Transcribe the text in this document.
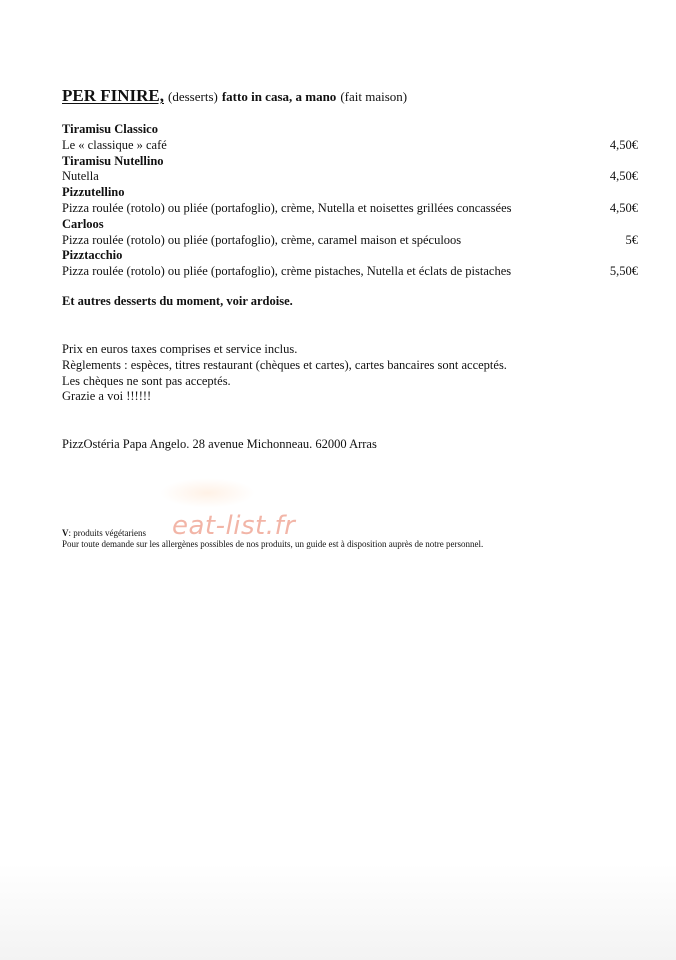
PER FINIRE, (desserts) fatto in casa, a mano (fait maison)
Tiramisu Classico
Le « classique » café	4,50€
Tiramisu Nutellino
Nutella	4,50€
Pizzutellino
Pizza roulée (rotolo) ou pliée (portafoglio), crème, Nutella et noisettes grillées concassées	4,50€
Carloos
Pizza roulée (rotolo) ou pliée (portafoglio), crème, caramel maison et spéculoos	5€
Pizztacchio
Pizza roulée (rotolo) ou pliée (portafoglio), crème pistaches, Nutella et éclats de pistaches	5,50€
Et autres desserts du moment, voir ardoise.
Prix en euros taxes comprises et service inclus.
Règlements : espèces, titres restaurant (chèques et cartes), cartes bancaires sont acceptés.
Les chèques ne sont pas acceptés.
Grazie a voi !!!!!!
PizzOstéria Papa Angelo. 28 avenue Michonneau. 62000 Arras
V: produits végétariens
Pour toute demande sur les allergènes possibles de nos produits, un guide est à disposition auprès de notre personnel.
eat-list.fr
